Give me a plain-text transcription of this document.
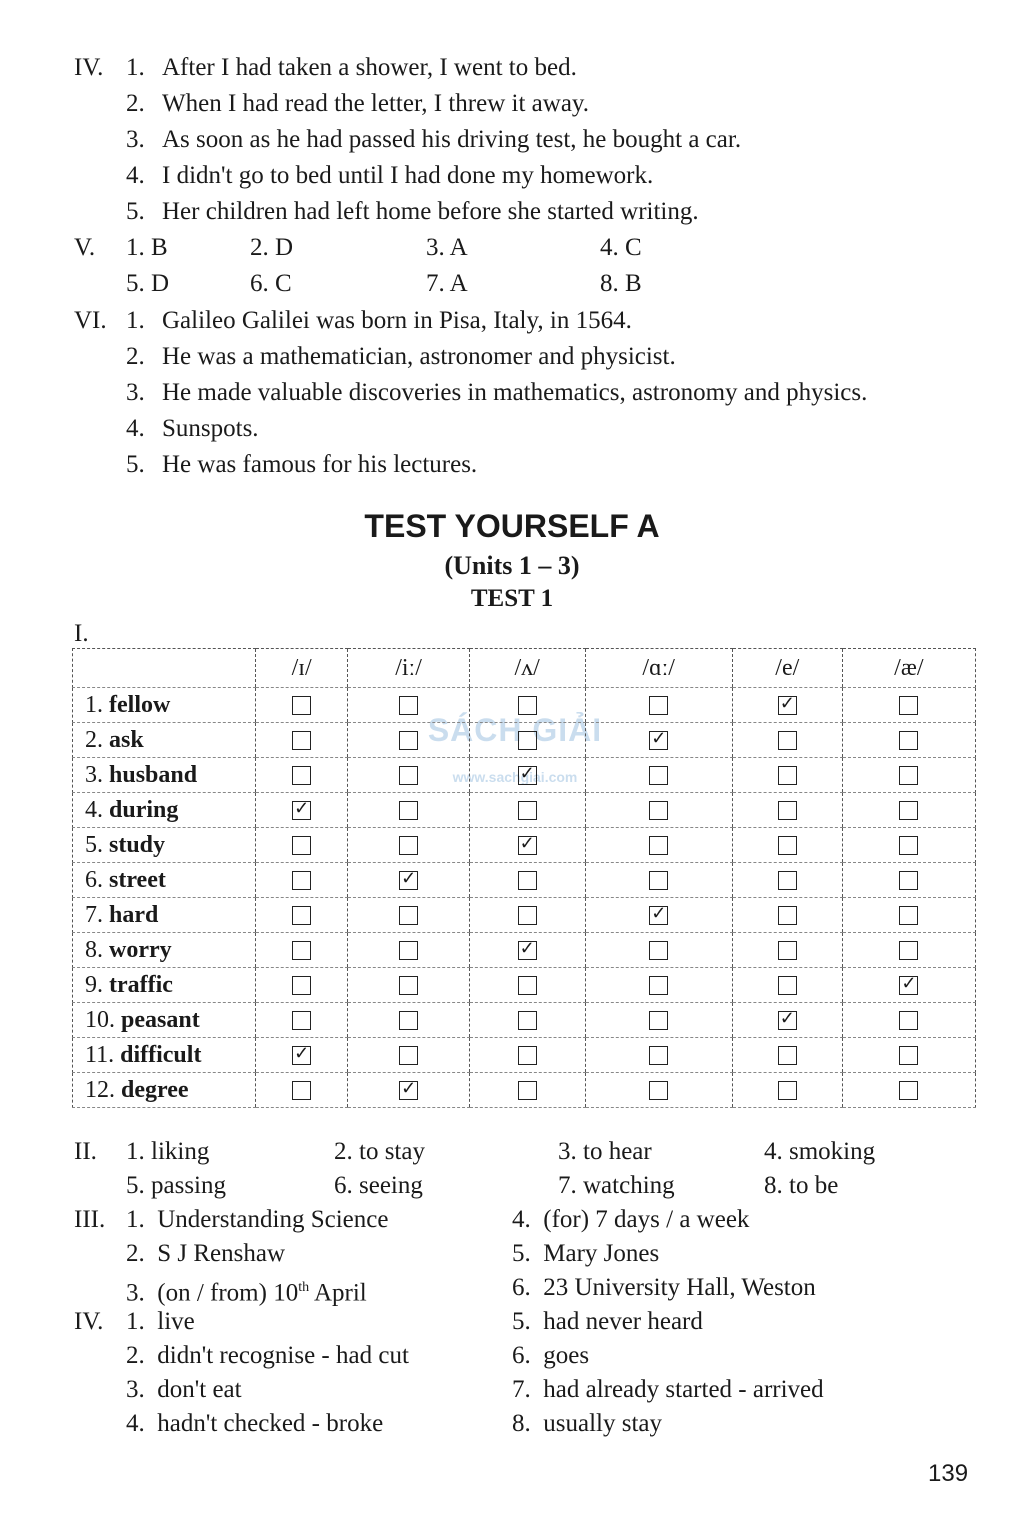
IV. 1. After I had taken a shower, I went to bed.
2. When I had read the letter, I threw it away.
3. As soon as he had passed his driving test, he bought a car.
4. I didn't go to bed until I had done my homework.
5. Her children had left home before she started writing.
V. 1. B	2. D	3. A	4. C
5. D	6. C	7. A	8. B
VI. 1. Galileo Galilei was born in Pisa, Italy, in 1564.
2. He was a mathematician, astronomer and physicist.
3. He made valuable discoveries in mathematics, astronomy and physics.
4. Sunspots.
5. He was famous for his lectures.
TEST YOURSELF A
(Units 1 – 3)
TEST 1
I.
SÁCH GIẢI
www.sachgiai.com
	/ɪ/	/iː/	/ʌ/	/ɑː/	/e/	/æ/
1. fellow					✓	
2. ask				✓		
3. husband			✓			
4. during	✓					
5. study			✓			
6. street		✓				
7. hard				✓		
8. worry			✓			
9. traffic						✓
10. peasant					✓	
11. difficult	✓					
12. degree		✓				
II. 1. liking	2. to stay	3. to hear	4. smoking
5. passing	6. seeing	7. watching	8. to be
III. 1. Understanding Science
2. S J Renshaw
3. (on / from) 10th April
4. (for) 7 days / a week
5. Mary Jones
6. 23 University Hall, Weston
IV. 1. live
2. didn't recognise - had cut
3. don't eat
4. hadn't checked - broke
5. had never heard
6. goes
7. had already started - arrived
8. usually stay
139
